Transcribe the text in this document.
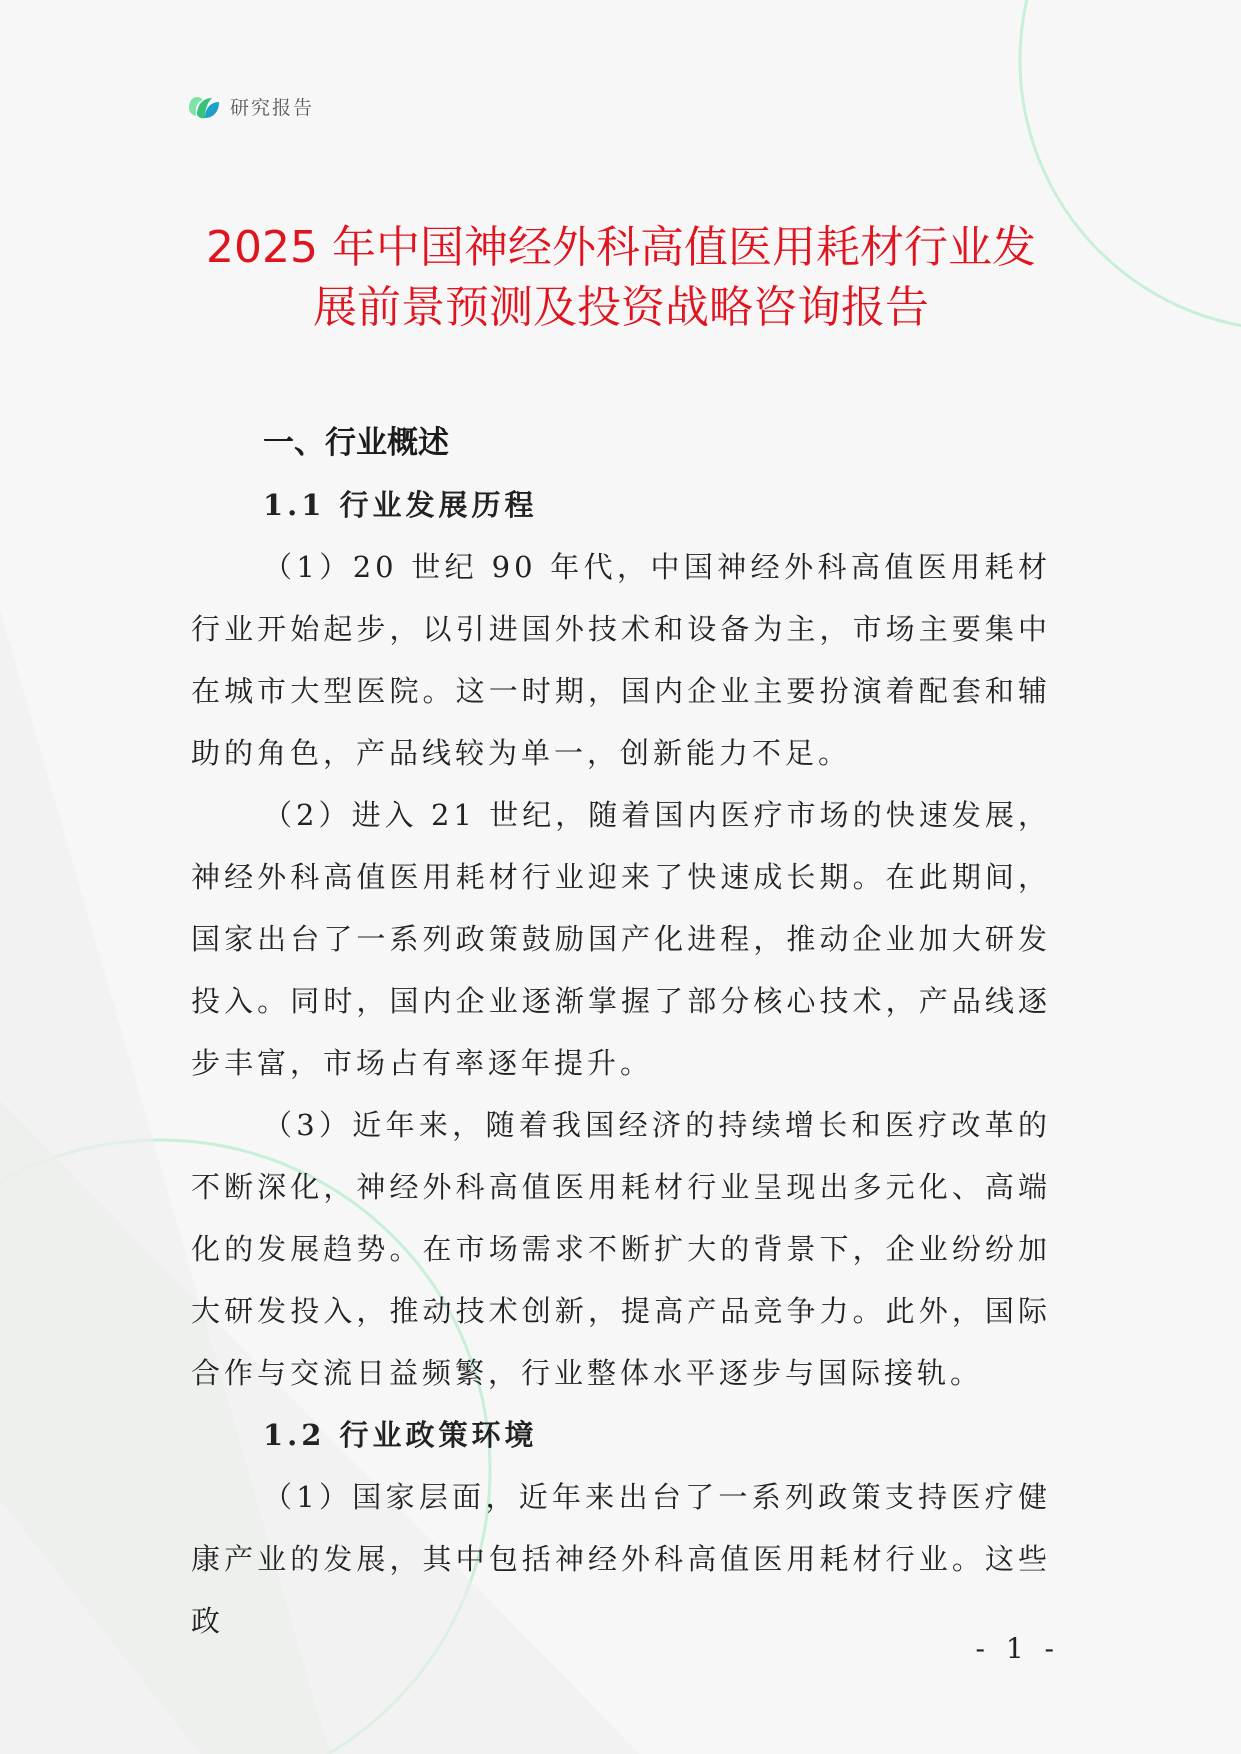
研究报告
2025 年中国神经外科高值医用耗材行业发
展前景预测及投资战略咨询报告
一、行业概述
1.1 行业发展历程

（1）20 世纪 90 年代，中国神经外科高值医用耗材行业开始起步，以引进国外技术和设备为主，市场主要集中在城市大型医院。这一时期，国内企业主要扮演着配套和辅助的角色，产品线较为单一，创新能力不足。

（2）进入 21 世纪，随着国内医疗市场的快速发展，神经外科高值医用耗材行业迎来了快速成长期。在此期间，国家出台了一系列政策鼓励国产化进程，推动企业加大研发投入。同时，国内企业逐渐掌握了部分核心技术，产品线逐步丰富，市场占有率逐年提升。

（3）近年来，随着我国经济的持续增长和医疗改革的不断深化，神经外科高值医用耗材行业呈现出多元化、高端化的发展趋势。在市场需求不断扩大的背景下，企业纷纷加大研发投入，推动技术创新，提高产品竞争力。此外，国际合作与交流日益频繁，行业整体水平逐步与国际接轨。

1.2 行业政策环境

（1）国家层面，近年来出台了一系列政策支持医疗健康产业的发展，其中包括神经外科高值医用耗材行业。这些政

- 1 -
